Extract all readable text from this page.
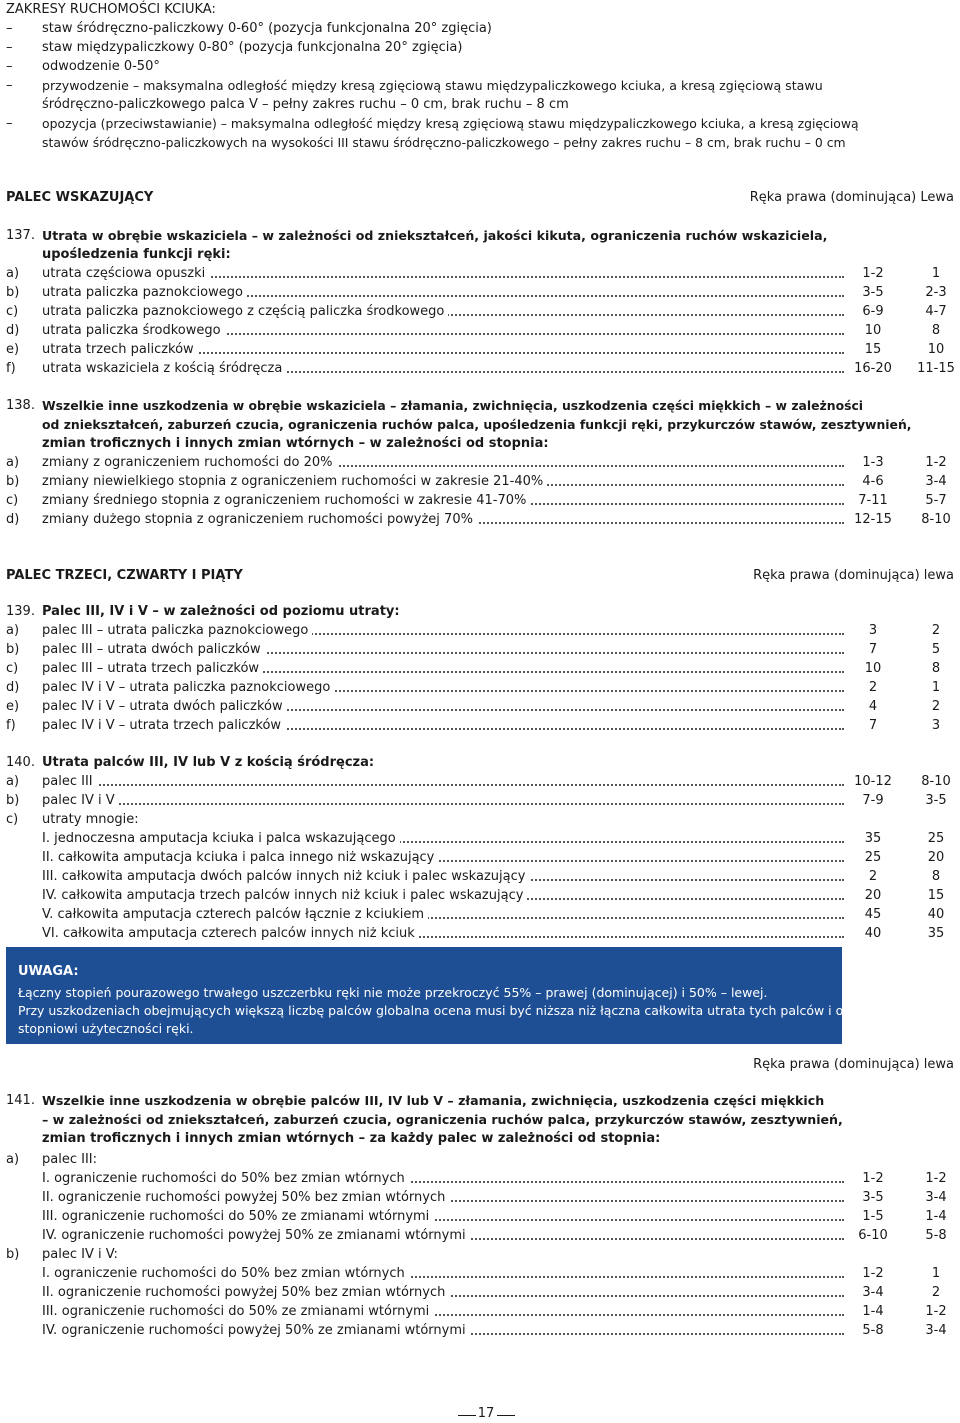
ZAKRESY RUCHOMOŚCI KCIUKA:
– staw śródręczno-paliczkowy 0-60° (pozycja funkcjonalna 20° zgięcia)
– staw międzypaliczkowy 0-80° (pozycja funkcjonalna 20° zgięcia)
– odwodzenie 0-50°
– przywodzenie – maksymalna odległość między kresą zgięciową stawu międzypaliczkowego kciuka, a kresą zgięciową stawu
śródręczno-paliczkowego palca V – pełny zakres ruchu – 0 cm, brak ruchu – 8 cm
– opozycja (przeciwstawianie) – maksymalna odległość między kresą zgięciową stawu międzypaliczkowego kciuka, a kresą zgięciową
stawów śródręczno-paliczkowych na wysokości III stawu śródręczno-paliczkowego – pełny zakres ruchu – 8 cm, brak ruchu – 0 cm
PALEC WSKAZUJĄCY	Ręka prawa (dominująca) Lewa
137. Utrata w obrębie wskaziciela – w zależności od zniekształceń, jakości kikuta, ograniczenia ruchów wskaziciela,
upośledzenia funkcji ręki:
a) utrata częściowa opuszki	1-2	1
b) utrata paliczka paznokciowego	3-5	2-3
c) utrata paliczka paznokciowego z częścią paliczka środkowego	6-9	4-7
d) utrata paliczka środkowego	10	8
e) utrata trzech paliczków	15	10
f) utrata wskaziciela z kością śródręcza	16-20	11-15
138. Wszelkie inne uszkodzenia w obrębie wskaziciela – złamania, zwichnięcia, uszkodzenia części miękkich – w zależności
od zniekształceń, zaburzeń czucia, ograniczenia ruchów palca, upośledzenia funkcji ręki, przykurczów stawów, zesztywnień,
zmian troficznych i innych zmian wtórnych – w zależności od stopnia:
a) zmiany z ograniczeniem ruchomości do 20%	1-3	1-2
b) zmiany niewielkiego stopnia z ograniczeniem ruchomości w zakresie 21-40%	4-6	3-4
c) zmiany średniego stopnia z ograniczeniem ruchomości w zakresie 41-70%	7-11	5-7
d) zmiany dużego stopnia z ograniczeniem ruchomości powyżej 70%	12-15	8-10
PALEC TRZECI, CZWARTY I PIĄTY	Ręka prawa (dominująca) lewa
139. Palec III, IV i V – w zależności od poziomu utraty:
a) palec III – utrata paliczka paznokciowego	3	2
b) palec III – utrata dwóch paliczków	7	5
c) palec III – utrata trzech paliczków	10	8
d) palec IV i V – utrata paliczka paznokciowego	2	1
e) palec IV i V – utrata dwóch paliczków	4	2
f) palec IV i V – utrata trzech paliczków	7	3
140. Utrata palców III, IV lub V z kością śródręcza:
a) palec III	10-12	8-10
b) palec IV i V	7-9	3-5
c) utraty mnogie:
I. jednoczesna amputacja kciuka i palca wskazującego	35	25
II. całkowita amputacja kciuka i palca innego niż wskazujący	25	20
III. całkowita amputacja dwóch palców innych niż kciuk i palec wskazujący	2	8
IV. całkowita amputacja trzech palców innych niż kciuk i palec wskazujący	20	15
V. całkowita amputacja czterech palców łącznie z kciukiem	45	40
VI. całkowita amputacja czterech palców innych niż kciuk	40	35
UWAGA:
Łączny stopień pourazowego trwałego uszczerbku ręki nie może przekroczyć 55% – prawej (dominującej) i 50% – lewej.
Przy uszkodzeniach obejmujących większą liczbę palców globalna ocena musi być niższa niż łączna całkowita utrata tych palców i odpowiadać
stopniowi użyteczności ręki.
Ręka prawa (dominująca) lewa
141. Wszelkie inne uszkodzenia w obrębie palców III, IV lub V – złamania, zwichnięcia, uszkodzenia części miękkich
– w zależności od zniekształceń, zaburzeń czucia, ograniczenia ruchów palca, przykurczów stawów, zesztywnień,
zmian troficznych i innych zmian wtórnych – za każdy palec w zależności od stopnia:
a) palec III:
I. ograniczenie ruchomości do 50% bez zmian wtórnych	1-2	1-2
II. ograniczenie ruchomości powyżej 50% bez zmian wtórnych	3-5	3-4
III. ograniczenie ruchomości do 50% ze zmianami wtórnymi	1-5	1-4
IV. ograniczenie ruchomości powyżej 50% ze zmianami wtórnymi	6-10	5-8
b) palec IV i V:
I. ograniczenie ruchomości do 50% bez zmian wtórnych	1-2	1
II. ograniczenie ruchomości powyżej 50% bez zmian wtórnych	3-4	2
III. ograniczenie ruchomości do 50% ze zmianami wtórnymi	1-4	1-2
IV. ograniczenie ruchomości powyżej 50% ze zmianami wtórnymi	5-8	3-4
17
